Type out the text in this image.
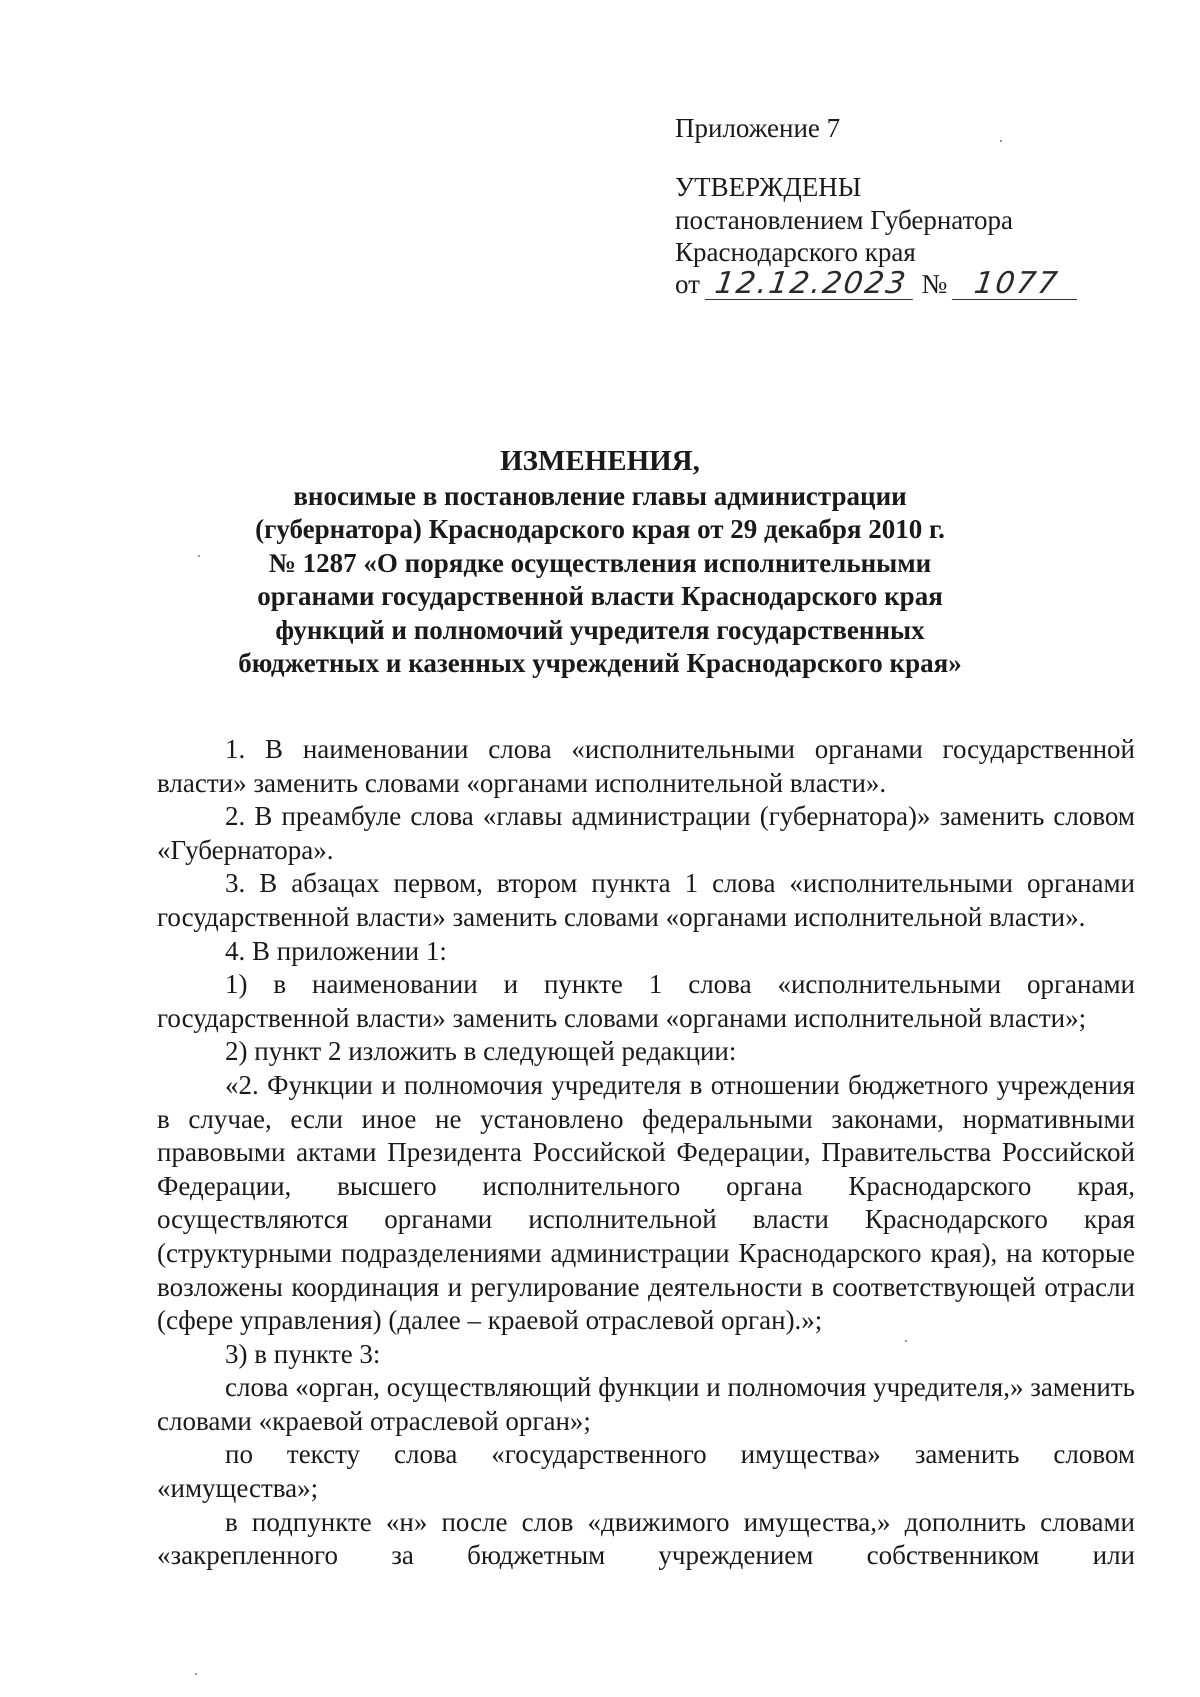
Приложение 7

УТВЕРЖДЕНЫ

постановлением Губернатора

Краснодарского края

от 12.12.2023 № 1077

ИЗМЕНЕНИЯ,
вносимые в постановление главы администрации
(губернатора) Краснодарского края от 29 декабря 2010 г.
№ 1287 «О порядке осуществления исполнительными
органами государственной власти Краснодарского края
функций и полномочий учредителя государственных
бюджетных и казенных учреждений Краснодарского края»

1. В наименовании слова «исполнительными органами государственной власти» заменить словами «органами исполнительной власти».

2. В преамбуле слова «главы администрации (губернатора)» заменить словом «Губернатора».

3. В абзацах первом, втором пункта 1 слова «исполнительными органами государственной власти» заменить словами «органами исполнительной власти».

4. В приложении 1:

1) в наименовании и пункте 1 слова «исполнительными органами государственной власти» заменить словами «органами исполнительной власти»;

2) пункт 2 изложить в следующей редакции:

«2. Функции и полномочия учредителя в отношении бюджетного учреждения в случае, если иное не установлено федеральными законами, нормативными правовыми актами Президента Российской Федерации, Правительства Российской Федерации, высшего исполнительного органа Краснодарского края, осуществляются органами исполнительной власти Краснодарского края (структурными подразделениями администрации Краснодарского края), на которые возложены координация и регулирование деятельности в соответствующей отрасли (сфере управления) (далее – краевой отраслевой орган).»;

3) в пункте 3:

слова «орган, осуществляющий функции и полномочия учредителя,» заменить словами «краевой отраслевой орган»;

по тексту слова «государственного имущества» заменить словом «имущества»;

в подпункте «н» после слов «движимого имущества,» дополнить словами «закрепленного за бюджетным учреждением собственником или
